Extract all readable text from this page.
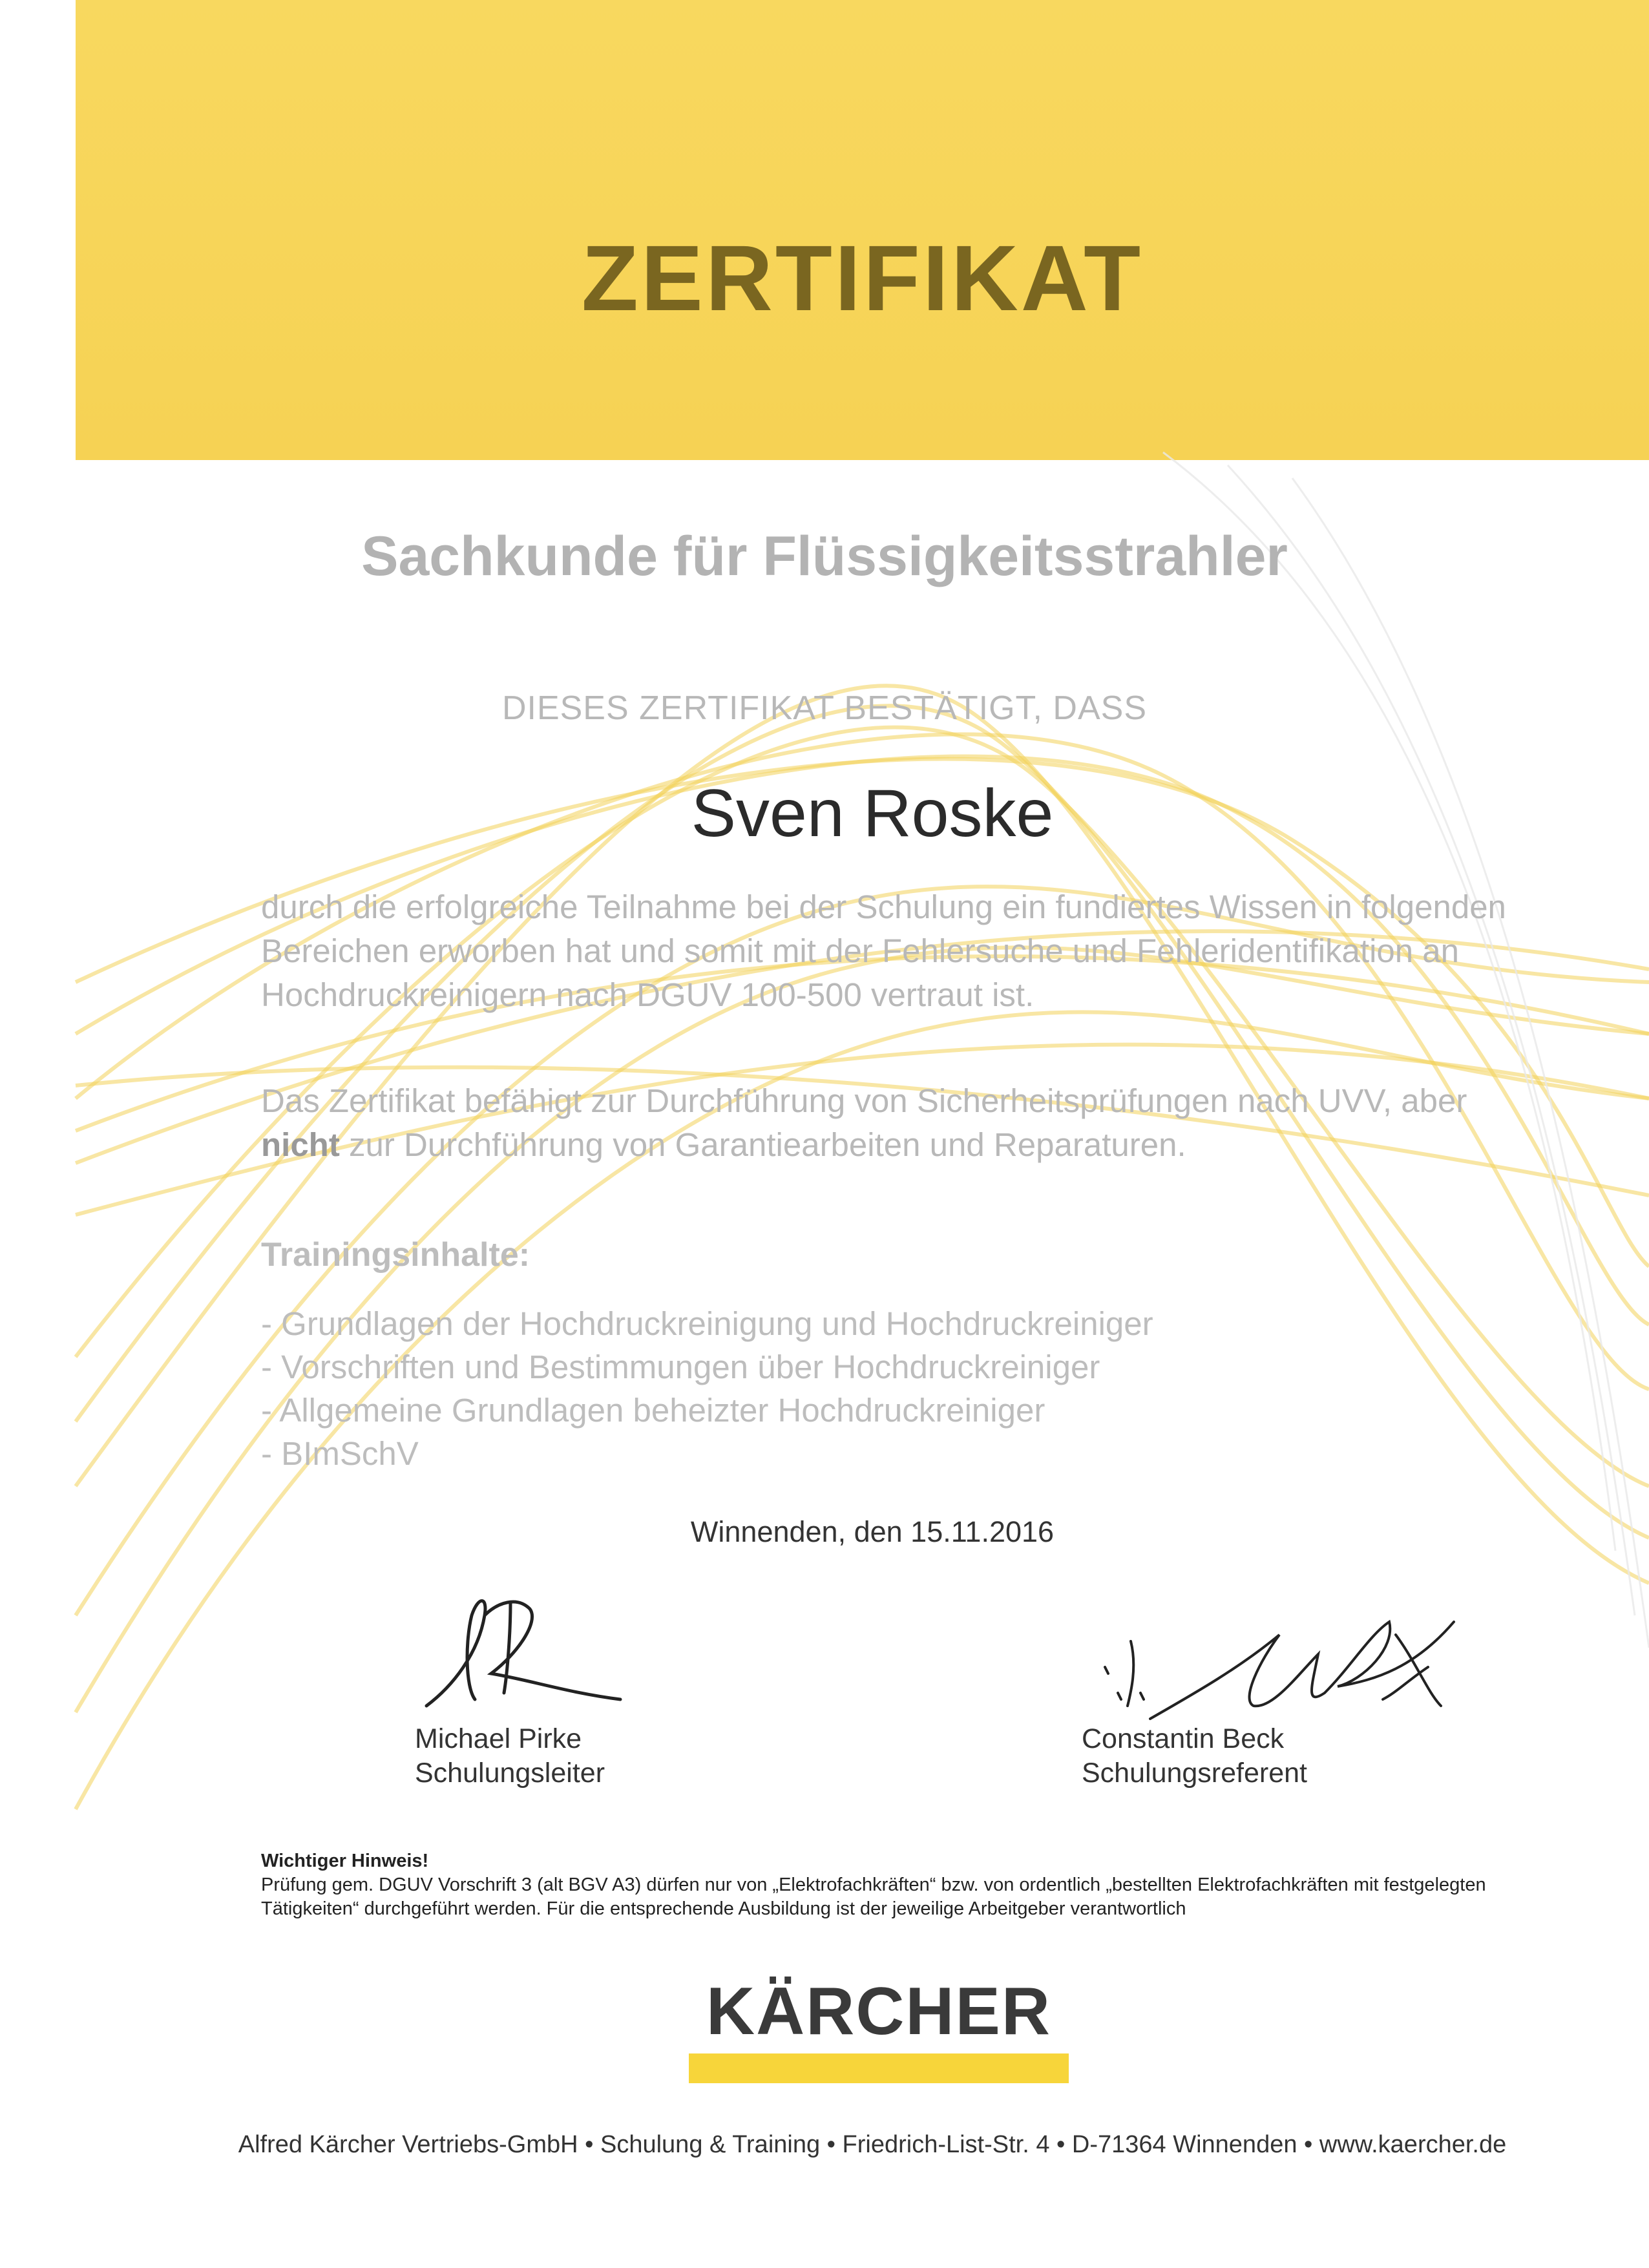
ZERTIFIKAT
Sachkunde für Flüssigkeitsstrahler
DIESES ZERTIFIKAT BESTÄTIGT, DASS
Sven Roske
durch die erfolgreiche Teilnahme bei der Schulung ein fundiertes Wissen in folgenden Bereichen erworben hat und somit mit der Fehlersuche und Fehleridentifikation an Hochdruckreinigern nach DGUV 100-500 vertraut ist.
Das Zertifikat befähigt zur Durchführung von Sicherheitsprüfungen nach UVV, aber nicht zur Durchführung von Garantiearbeiten und Reparaturen.
Trainingsinhalte:
- Grundlagen der Hochdruckreinigung und Hochdruckreiniger
- Vorschriften und Bestimmungen über Hochdruckreiniger
- Allgemeine Grundlagen beheizter Hochdruckreiniger
- BImSchV
Winnenden, den 15.11.2016
Michael Pirke
Schulungsleiter
Constantin Beck
Schulungsreferent
Wichtiger Hinweis!
Prüfung gem. DGUV Vorschrift 3 (alt BGV A3) dürfen nur von „Elektrofachkräften“ bzw. von ordentlich „bestellten Elektrofachkräften mit festgelegten Tätigkeiten“ durchgeführt werden. Für die entsprechende Ausbildung ist der jeweilige Arbeitgeber verantwortlich
KÄRCHER
Alfred Kärcher Vertriebs-GmbH • Schulung & Training • Friedrich-List-Str. 4 • D-71364 Winnenden • www.kaercher.de
